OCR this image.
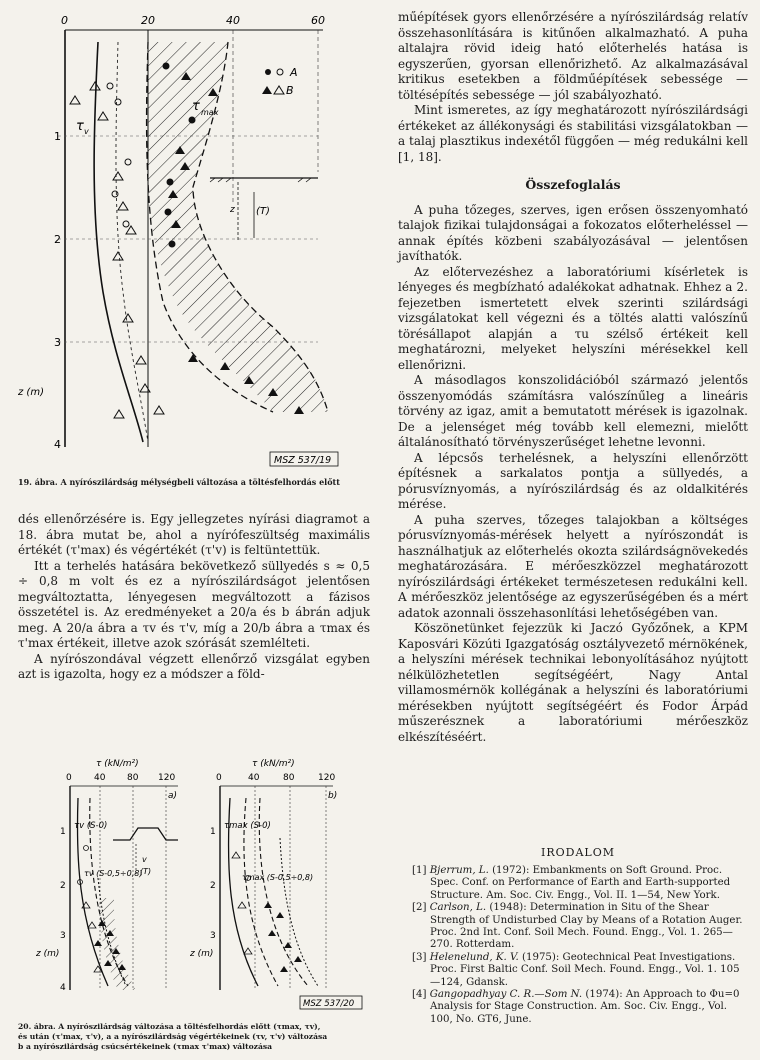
0	20	40	60
1
2
3
4
z (m)
τ v
τ max
A
B
z (T)
MSZ 537/19
19. ábra. A nyírószilárdság mélységbeli változása a töltésfelhordás előtt

dés ellenőrzésére is. Egy jellegzetes nyírási diagramot a 18. ábra mutat be, ahol a nyírófeszültség maximális értékét (τ'max) és végértékét (τ'v) is feltüntettük.

Itt a terhelés hatására bekövetkező süllyedés s ≈ 0,5 ÷ 0,8 m volt és ez a nyírószilárdságot jelentősen megváltoztatta, lényegesen megváltozott a fázisos összetétel is. Az eredményeket a 20/a és b ábrán adjuk meg. A 20/a ábra a τv és τ'v, míg a 20/b ábra a τmax és τ'max értékeit, illetve azok szórását szemlélteti.

A nyírószondával végzett ellenőrző vizsgálat egyben azt is igazolta, hogy ez a módszer a föld-

τ (kN/m²)	τ (kN/m²)
0 40 80 120	0	40	80	120
a)	b)
1
2
3
4
z (m)
1
2
3
z (m)
τv (S-0)
τv (S-0,5÷0,8)
τmax (S-0)
τmax (S-0,5÷0,8)
v
(T)
MSZ 537/20
20. ábra. A nyírószilárdság változása a töltésfelhordás előtt (τmax, τv),
és után (τ'max, τ'v), a a nyírószilárdság végértékeinek (τv, τ'v) változása
b a nyírószilárdság csúcsértékeinek (τmax τ'max) változása

műépítések gyors ellenőrzésére a nyírószilárdság relatív összehasonlítására is kitűnően alkalmazható. A puha altalajra rövid ideig ható előterhelés hatása is egyszerűen, gyorsan ellenőrizhető. Az alkalmazásával kritikus esetekben a földműépítések sebessége — töltésépítés sebessége — jól szabályozható.

Mint ismeretes, az így meghatározott nyírószilárdsági értékeket az állékonysági és stabilitási vizsgálatokban — a talaj plasztikus indexétől függően — még redukálni kell [1, 18].

Összefoglalás

A puha tőzeges, szerves, igen erősen összenyomható talajok fizikai tulajdonságai a fokozatos előterheléssel — annak építés közbeni szabályozásával — jelentősen javíthatók.

Az előtervezéshez a laboratóriumi kísérletek is lényeges és megbízható adalékokat adhatnak. Ehhez a 2. fejezetben ismertetett elvek szerinti szilárdsági vizsgálatokat kell végezni és a töltés alatti valószínű törésállapot alapján a τu szélső értékeit kell meghatározni, melyeket helyszíni mérésekkel kell ellenőrizni.

A másodlagos konszolidációból származó jelentős összenyomódás számításra valószínűleg a lineáris törvény az igaz, amit a bemutatott mérések is igazolnak. De a jelenséget még tovább kell elemezni, mielőtt általánosítható törvényszerűséget lehetne levonni.

A lépcsős terhelésnek, a helyszíni ellenőrzött építésnek a sarkalatos pontja a süllyedés, a pórusvíznyomás, a nyírószilárdság és az oldalkitérés mérése.

A puha szerves, tőzeges talajokban a költséges pórusvíznyomás-mérések helyett a nyírószondát is használhatjuk az előterhelés okozta szilárdságnövekedés meghatározására. E mérőeszközzel meghatározott nyírószilárdsági értékeket természetesen redukálni kell. A mérőeszköz jelentősége az egyszerűségében és a mért adatok azonnali összehasonlítási lehetőségében van.

Köszönetünket fejezzük ki Jaczó Győzőnek, a KPM Kaposvári Közúti Igazgatóság osztályvezető mérnökének, a helyszíni mérések technikai lebonyolításához nyújtott nélkülözhetetlen segítségéért, Nagy Antal villamosmérnök kollégának a helyszíni és laboratóriumi mérésekben nyújtott segítségéért és Fodor Árpád műszerésznek a laboratóriumi mérőeszköz elkészítéséért.

IRODALOM

[1] Bjerrum, L. (1972): Embankments on Soft Ground. Proc. Spec. Conf. on Performance of Earth and Earth-supported Structure. Am. Soc. Civ. Engg., Vol. II. 1—54, New York.

[2] Carlson, L. (1948): Determination in Situ of the Shear Strength of Undisturbed Clay by Means of a Rotation Auger. Proc. 2nd Int. Conf. Soil Mech. Found. Engg., Vol. 1. 265—270. Rotterdam.

[3] Helenelund, K. V. (1975): Geotechnical Peat Investigations. Proc. First Baltic Conf. Soil Mech. Found. Engg., Vol. 1. 105—124, Gdansk.

[4] Gangopadhyay C. R.—Som N. (1974): An Approach to Φu=0 Analysis for Stage Construction. Am. Soc. Civ. Engg., Vol. 100, No. GT6, June.
